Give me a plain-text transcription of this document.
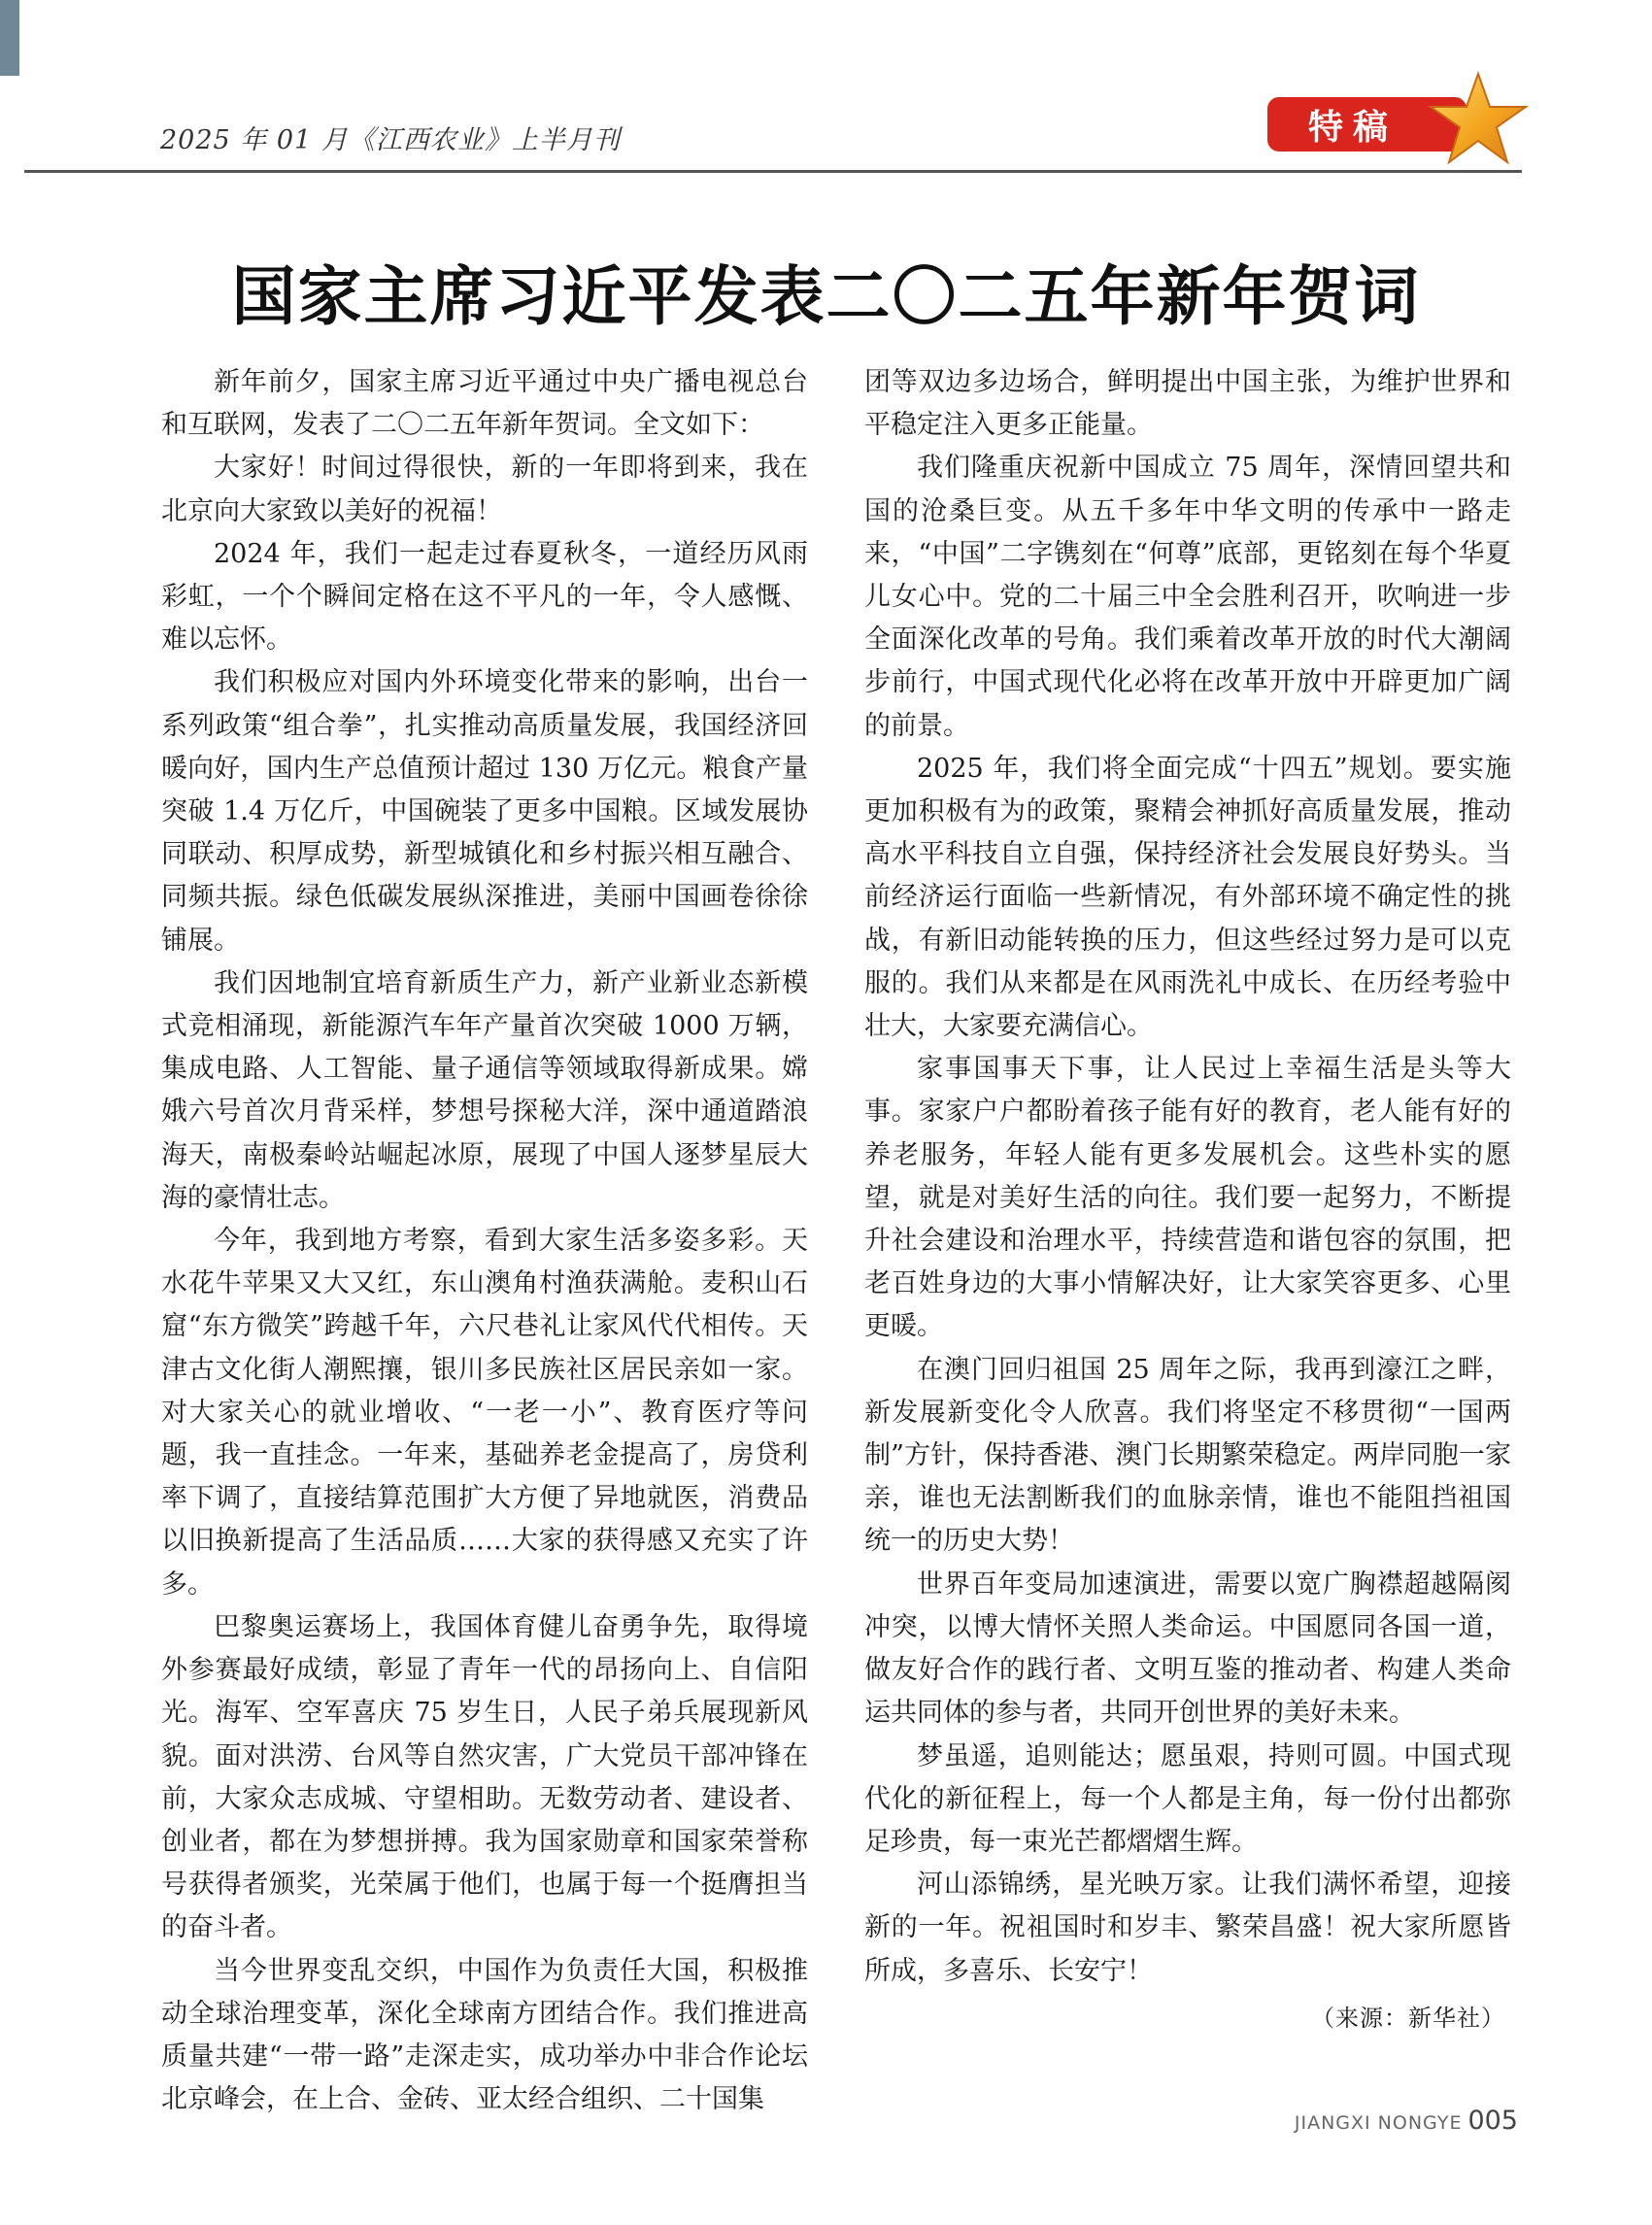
2025 年 01 月《江西农业》上半月刊	特稿
国家主席习近平发表二〇二五年新年贺词

新年前夕，国家主席习近平通过中央广播电视总台和互联网，发表了二〇二五年新年贺词。全文如下：

大家好！时间过得很快，新的一年即将到来，我在北京向大家致以美好的祝福！

2024 年，我们一起走过春夏秋冬，一道经历风雨彩虹，一个个瞬间定格在这不平凡的一年，令人感慨、难以忘怀。

我们积极应对国内外环境变化带来的影响，出台一系列政策“组合拳”，扎实推动高质量发展，我国经济回暖向好，国内生产总值预计超过 130 万亿元。粮食产量突破 1.4 万亿斤，中国碗装了更多中国粮。区域发展协同联动、积厚成势，新型城镇化和乡村振兴相互融合、同频共振。绿色低碳发展纵深推进，美丽中国画卷徐徐铺展。

我们因地制宜培育新质生产力，新产业新业态新模式竞相涌现，新能源汽车年产量首次突破 1000 万辆，集成电路、人工智能、量子通信等领域取得新成果。嫦娥六号首次月背采样，梦想号探秘大洋，深中通道踏浪海天，南极秦岭站崛起冰原，展现了中国人逐梦星辰大海的豪情壮志。

今年，我到地方考察，看到大家生活多姿多彩。天水花牛苹果又大又红，东山澳角村渔获满舱。麦积山石窟“东方微笑”跨越千年，六尺巷礼让家风代代相传。天津古文化街人潮熙攘，银川多民族社区居民亲如一家。对大家关心的就业增收、“一老一小”、教育医疗等问题，我一直挂念。一年来，基础养老金提高了，房贷利率下调了，直接结算范围扩大方便了异地就医，消费品以旧换新提高了生活品质……大家的获得感又充实了许多。

巴黎奥运赛场上，我国体育健儿奋勇争先，取得境外参赛最好成绩，彰显了青年一代的昂扬向上、自信阳光。海军、空军喜庆 75 岁生日，人民子弟兵展现新风貌。面对洪涝、台风等自然灾害，广大党员干部冲锋在前，大家众志成城、守望相助。无数劳动者、建设者、创业者，都在为梦想拼搏。我为国家勋章和国家荣誉称号获得者颁奖，光荣属于他们，也属于每一个挺膺担当的奋斗者。

当今世界变乱交织，中国作为负责任大国，积极推动全球治理变革，深化全球南方团结合作。我们推进高质量共建“一带一路”走深走实，成功举办中非合作论坛北京峰会，在上合、金砖、亚太经合组织、二十国集

团等双边多边场合，鲜明提出中国主张，为维护世界和平稳定注入更多正能量。

我们隆重庆祝新中国成立 75 周年，深情回望共和国的沧桑巨变。从五千多年中华文明的传承中一路走来，“中国”二字镌刻在“何尊”底部，更铭刻在每个华夏儿女心中。党的二十届三中全会胜利召开，吹响进一步全面深化改革的号角。我们乘着改革开放的时代大潮阔步前行，中国式现代化必将在改革开放中开辟更加广阔的前景。

2025 年，我们将全面完成“十四五”规划。要实施更加积极有为的政策，聚精会神抓好高质量发展，推动高水平科技自立自强，保持经济社会发展良好势头。当前经济运行面临一些新情况，有外部环境不确定性的挑战，有新旧动能转换的压力，但这些经过努力是可以克服的。我们从来都是在风雨洗礼中成长、在历经考验中壮大，大家要充满信心。

家事国事天下事，让人民过上幸福生活是头等大事。家家户户都盼着孩子能有好的教育，老人能有好的养老服务，年轻人能有更多发展机会。这些朴实的愿望，就是对美好生活的向往。我们要一起努力，不断提升社会建设和治理水平，持续营造和谐包容的氛围，把老百姓身边的大事小情解决好，让大家笑容更多、心里更暖。

在澳门回归祖国 25 周年之际，我再到濠江之畔，新发展新变化令人欣喜。我们将坚定不移贯彻“一国两制”方针，保持香港、澳门长期繁荣稳定。两岸同胞一家亲，谁也无法割断我们的血脉亲情，谁也不能阻挡祖国统一的历史大势！

世界百年变局加速演进，需要以宽广胸襟超越隔阂冲突，以博大情怀关照人类命运。中国愿同各国一道，做友好合作的践行者、文明互鉴的推动者、构建人类命运共同体的参与者，共同开创世界的美好未来。

梦虽遥，追则能达；愿虽艰，持则可圆。中国式现代化的新征程上，每一个人都是主角，每一份付出都弥足珍贵，每一束光芒都熠熠生辉。

河山添锦绣，星光映万家。让我们满怀希望，迎接新的一年。祝祖国时和岁丰、繁荣昌盛！祝大家所愿皆所成，多喜乐、长安宁！

（来源：新华社）
JIANGXI NONGYE 005
